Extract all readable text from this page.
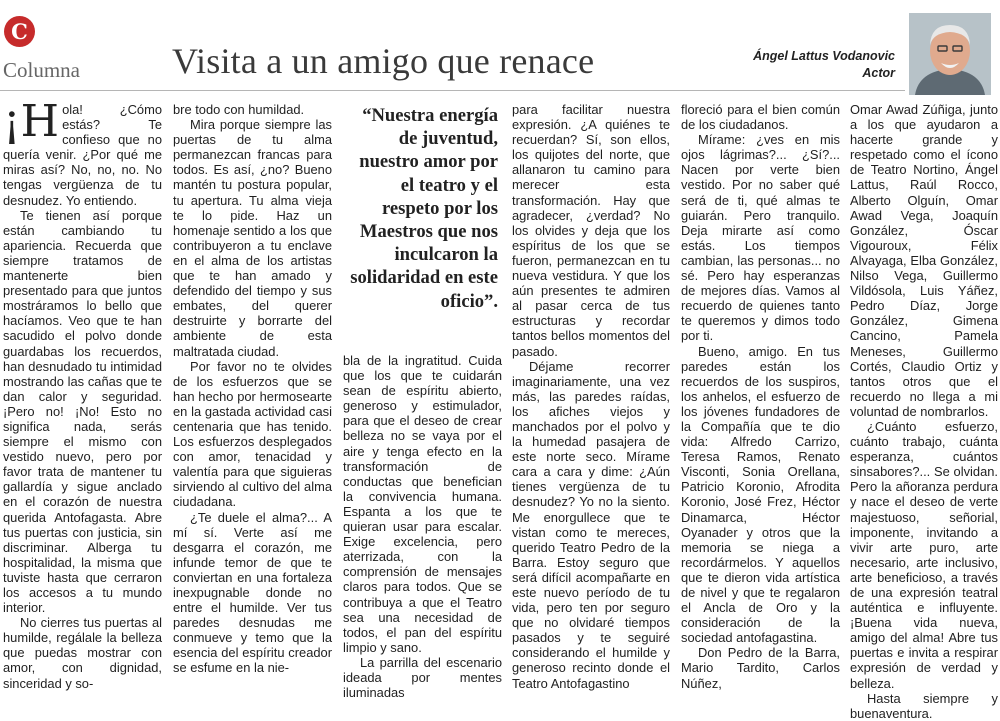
C
Columna	Visita a un amigo que renace	Ángel Lattus Vodanovic
Actor

¡H ola! ¿Cómo estás? Te confieso que no quería venir. ¿Por qué me miras así? No, no, no. No tengas vergüenza de tu desnudez. Yo entiendo.

Te tienen así porque están cambiando tu apariencia. Recuerda que siempre tratamos de mantenerte bien presentado para que juntos mostráramos lo bello que hacíamos. Veo que te han sacudido el polvo donde guardabas los recuerdos, han desnudado tu intimidad mostrando las cañas que te dan calor y seguridad. ¡Pero no! ¡No! Esto no significa nada, serás siempre el mismo con vestido nuevo, pero por favor trata de mantener tu gallardía y sigue anclado en el corazón de nuestra querida Antofagasta. Abre tus puertas con justicia, sin discriminar. Alberga tu hospitalidad, la misma que tuviste hasta que cerraron los accesos a tu mundo interior.

No cierres tus puertas al humilde, regálale la belleza que puedas mostrar con amor, con dignidad, sinceridad y so-

bre todo con humildad.

Mira porque siempre las puertas de tu alma permanezcan francas para todos. Es así, ¿no? Bueno mantén tu postura popular, tu apertura. Tu alma vieja te lo pide. Haz un homenaje sentido a los que contribuyeron a tu enclave en el alma de los artistas que te han amado y defendido del tiempo y sus embates, del querer destruirte y borrarte del ambiente de esta maltratada ciudad.

Por favor no te olvides de los esfuerzos que se han hecho por hermosearte en la gastada actividad casi centenaria que has tenido. Los esfuerzos desplegados con amor, tenacidad y valentía para que siguieras sirviendo al cultivo del alma ciudadana.

¿Te duele el alma?... A mí sí. Verte así me desgarra el corazón, me infunde temor de que te conviertan en una fortaleza inexpugnable donde no entre el humilde. Ver tus paredes desnudas me conmueve y temo que la esencia del espíritu creador se esfume en la nie-

“Nuestra energía de juventud, nuestro amor por el teatro y el respeto por los Maestros que nos inculcaron la solidaridad en este oficio”.

bla de la ingratitud. Cuida que los que te cuidarán sean de espíritu abierto, generoso y estimulador, para que el deseo de crear belleza no se vaya por el aire y tenga efecto en la transformación de conductas que benefician la convivencia humana. Espanta a los que te quieran usar para escalar. Exige excelencia, pero aterrizada, con la comprensión de mensajes claros para todos. Que se contribuya a que el Teatro sea una necesidad de todos, el pan del espíritu limpio y sano.

La parrilla del escenario ideada por mentes iluminadas

para facilitar nuestra expresión. ¿A quiénes te recuerdan? Sí, son ellos, los quijotes del norte, que allanaron tu camino para merecer esta transformación. Hay que agradecer, ¿verdad? No los olvides y deja que los espíritus de los que se fueron, permanezcan en tu nueva vestidura. Y que los aún presentes te admiren al pasar cerca de tus estructuras y recordar tantos bellos momentos del pasado.

Déjame recorrer imaginariamente, una vez más, las paredes raídas, los afiches viejos y manchados por el polvo y la humedad pasajera de este norte seco. Mírame cara a cara y dime: ¿Aún tienes vergüenza de tu desnudez? Yo no la siento. Me enorgullece que te vistan como te mereces, querido Teatro Pedro de la Barra. Estoy seguro que será difícil acompañarte en este nuevo período de tu vida, pero ten por seguro que no olvidaré tiempos pasados y te seguiré considerando el humilde y generoso recinto donde el Teatro Antofagastino

floreció para el bien común de los ciudadanos.

Mírame: ¿ves en mis ojos lágrimas?... ¿Sí?... Nacen por verte bien vestido. Por no saber qué será de ti, qué almas te guiarán. Pero tranquilo. Deja mirarte así como estás. Los tiempos cambian, las personas... no sé. Pero hay esperanzas de mejores días. Vamos al recuerdo de quienes tanto te queremos y dimos todo por ti.

Bueno, amigo. En tus paredes están los recuerdos de los suspiros, los anhelos, el esfuerzo de los jóvenes fundadores de la Compañía que te dio vida: Alfredo Carrizo, Teresa Ramos, Renato Visconti, Sonia Orellana, Patricio Koronio, Afrodita Koronio, José Frez, Héctor Dinamarca, Héctor Oyanader y otros que la memoria se niega a recordármelos. Y aquellos que te dieron vida artística de nivel y que te regalaron el Ancla de Oro y la consideración de la sociedad antofagastina.

Don Pedro de la Barra, Mario Tardito, Carlos Núñez,

Omar Awad Zúñiga, junto a los que ayudaron a hacerte grande y respetado como el ícono de Teatro Nortino, Ángel Lattus, Raúl Rocco, Alberto Olguín, Omar Awad Vega, Joaquín González, Óscar Vigouroux, Félix Alvayaga, Elba González, Nilso Vega, Guillermo Vildósola, Luis Yáñez, Pedro Díaz, Jorge González, Gimena Cancino, Pamela Meneses, Guillermo Cortés, Claudio Ortiz y tantos otros que el recuerdo no llega a mi voluntad de nombrarlos.

¿Cuánto esfuerzo, cuánto trabajo, cuánta esperanza, cuántos sinsabores?... Se olvidan. Pero la añoranza perdura y nace el deseo de verte majestuoso, señorial, imponente, invitando a vivir arte puro, arte necesario, arte inclusivo, arte beneficioso, a través de una expresión teatral auténtica e influyente. ¡Buena vida nueva, amigo del alma! Abre tus puertas e invita a respirar expresión de verdad y belleza.

Hasta siempre y buenaventura.
